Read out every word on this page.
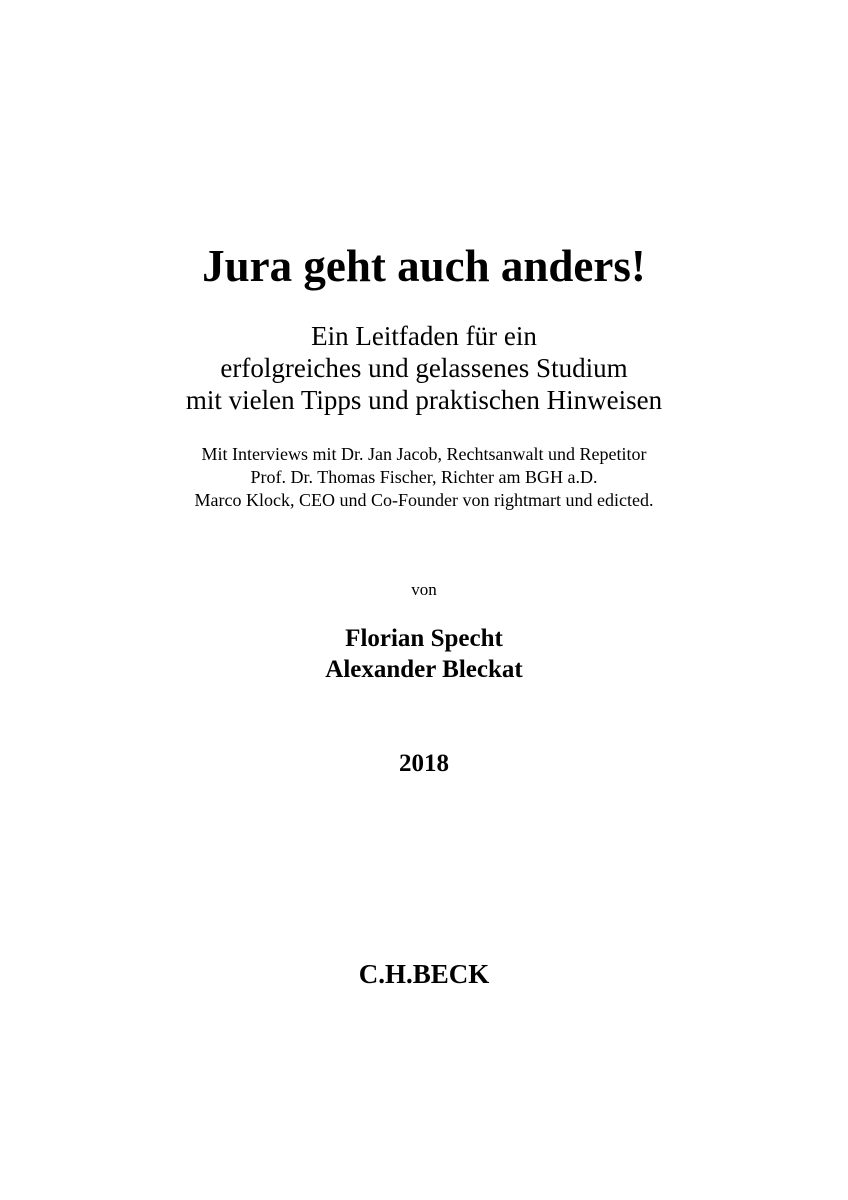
Jura geht auch anders!
Ein Leitfaden für ein
erfolgreiches und gelassenes Studium
mit vielen Tipps und praktischen Hinweisen
Mit Interviews mit Dr. Jan Jacob, Rechtsanwalt und Repetitor
Prof. Dr. Thomas Fischer, Richter am BGH a.D.
Marco Klock, CEO und Co-Founder von rightmart und edicted.
von
Florian Specht
Alexander Bleckat
2018
C.H.BECK
